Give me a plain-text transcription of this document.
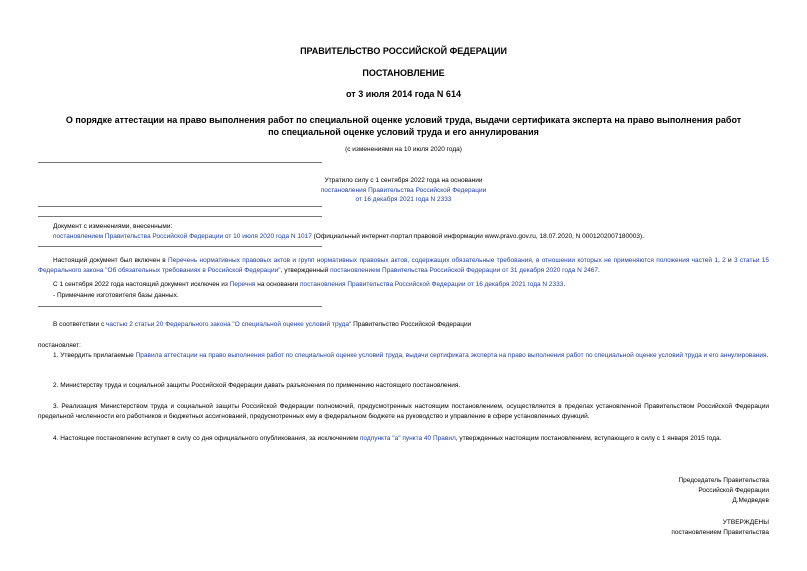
ПРАВИТЕЛЬСТВО РОССИЙСКОЙ ФЕДЕРАЦИИ
ПОСТАНОВЛЕНИЕ
от 3 июля 2014 года N 614
О порядке аттестации на право выполнения работ по специальной оценке условий труда, выдачи сертификата эксперта на право выполнения работ по специальной оценке условий труда и его аннулирования
(с изменениями на 10 июля 2020 года)
Утратило силу с 1 сентября 2022 года на основании
постановления Правительства Российской Федерации
от 16 декабря 2021 года N 2333
Документ с изменениями, внесенными:
постановлением Правительства Российской Федерации от 10 июля 2020 года N 1017 (Официальный интернет-портал правовой информации www.pravo.gov.ru, 18.07.2020, N 0001202007180003).
Настоящий документ был включен в Перечень нормативных правовых актов и групп нормативных правовых актов, содержащих обязательные требования, в отношении которых не применяются положения частей 1, 2 и 3 статьи 15 Федерального закона "Об обязательных требованиях в Российской Федерации", утвержденный постановлением Правительства Российской Федерации от 31 декабря 2020 года N 2467.
С 1 сентября 2022 года настоящий документ исключен из Перечня на основании постановления Правительства Российской Федерации от 16 декабря 2021 года N 2333.
- Примечание изготовителя базы данных.
В соответствии с частью 2 статьи 20 Федерального закона "О специальной оценке условий труда" Правительство Российской Федерации
постановляет:
1. Утвердить прилагаемые Правила аттестации на право выполнения работ по специальной оценке условий труда, выдачи сертификата эксперта на право выполнения работ по специальной оценке условий труда и его аннулирования.
2. Министерству труда и социальной защиты Российской Федерации давать разъяснения по применению настоящего постановления.
3. Реализация Министерством труда и социальной защиты Российской Федерации полномочий, предусмотренных настоящим постановлением, осуществляется в пределах установленной Правительством Российской Федерации предельной численности его работников и бюджетных ассигнований, предусмотренных ему в федеральном бюджете на руководство и управление в сфере установленных функций.
4. Настоящее постановление вступает в силу со дня официального опубликования, за исключением подпункта "а" пункта 40 Правил, утвержденных настоящим постановлением, вступающего в силу с 1 января 2015 года.
Председатель Правительства
Российской Федерации
Д.Медведев
УТВЕРЖДЕНЫ
постановлением Правительства
